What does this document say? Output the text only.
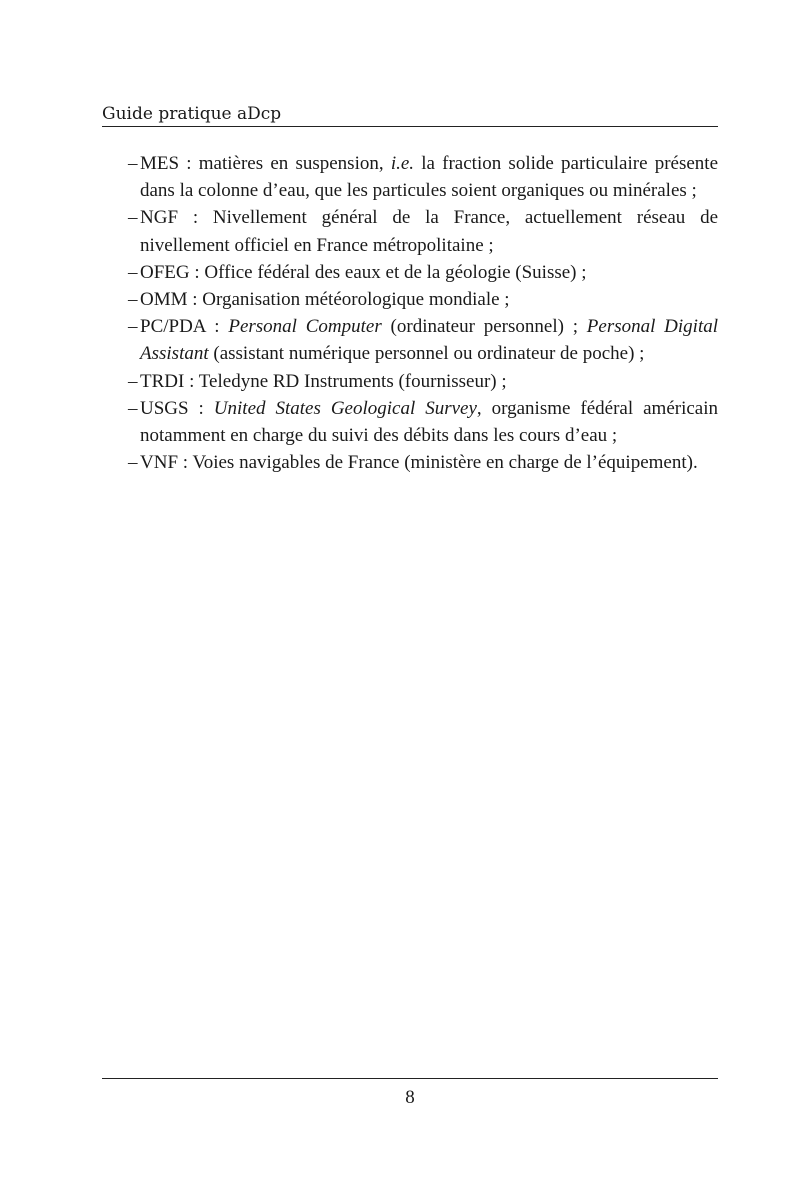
Guide pratique aDcp
– MES : matières en suspension, i.e. la fraction solide particulaire présente dans la colonne d’eau, que les particules soient organiques ou minérales ;
– NGF : Nivellement général de la France, actuellement réseau de nivellement officiel en France métropolitaine ;
– OFEG : Office fédéral des eaux et de la géologie (Suisse) ;
– OMM : Organisation météorologique mondiale ;
– PC/PDA : Personal Computer (ordinateur personnel) ; Personal Digital Assistant (assistant numérique personnel ou ordinateur de poche) ;
– TRDI : Teledyne RD Instruments (fournisseur) ;
– USGS : United States Geological Survey, organisme fédéral américain notamment en charge du suivi des débits dans les cours d’eau ;
– VNF : Voies navigables de France (ministère en charge de l’équipement).
8
